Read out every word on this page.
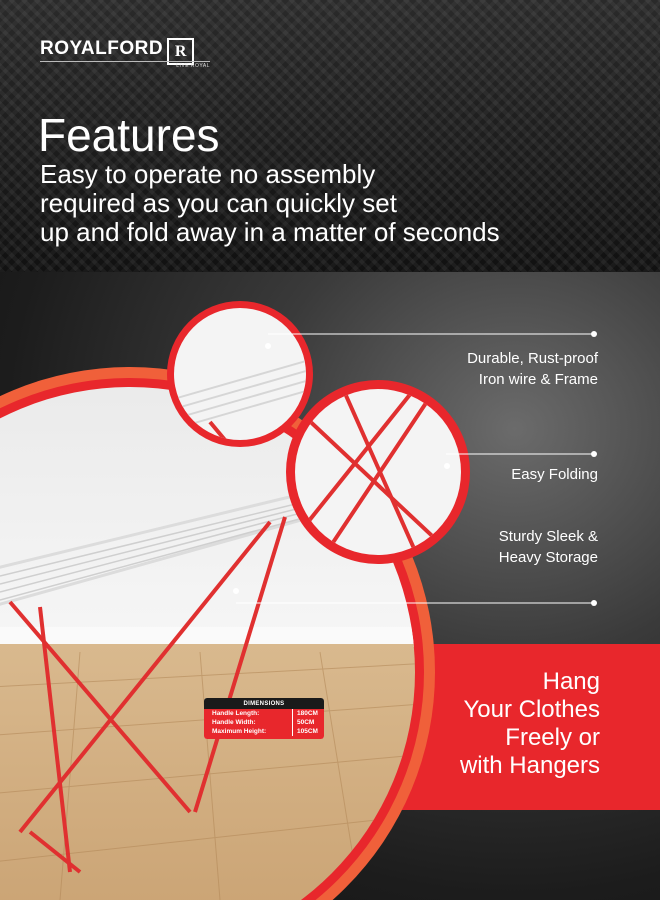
ROYALFORD
LIVE ROYAL
R
Features
Easy to operate no assembly
required as you can quickly set
up and fold away in a matter of seconds
Durable, Rust-proof
Iron wire & Frame
Easy Folding
Sturdy Sleek &
Heavy Storage
Hang
Your Clothes
Freely or
with Hangers
DIMENSIONS
Handle Length:	180CM
Handle Width:	50CM
Maximum Height:	105CM
